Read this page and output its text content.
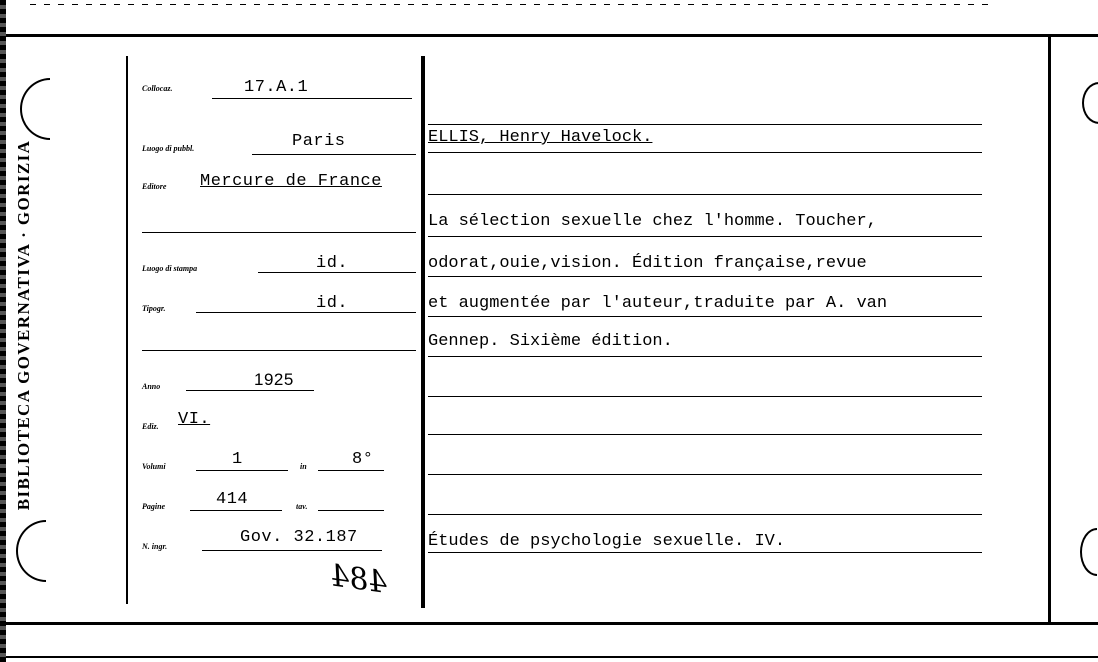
BIBLIOTECA GOVERNATIVA · GORIZIA
Collocaz.	17.A.1
Luogo di pubbl.	Paris
Editore Mercure de France
Luogo di stampa	id.
Tipogr.	id.
Anno	1925
Ediz. VI.
Volumi	1	in	8°
Pagine	414	tav.
N. ingr.	Gov. 32.187
484
ELLIS, Henry Havelock.
La sélection sexuelle chez l'homme. Toucher,
odorat,ouie,vision. Édition française,revue
et augmentée par l'auteur,traduite par A. van
Gennep. Sixième édition.
Études de psychologie sexuelle. IV.
